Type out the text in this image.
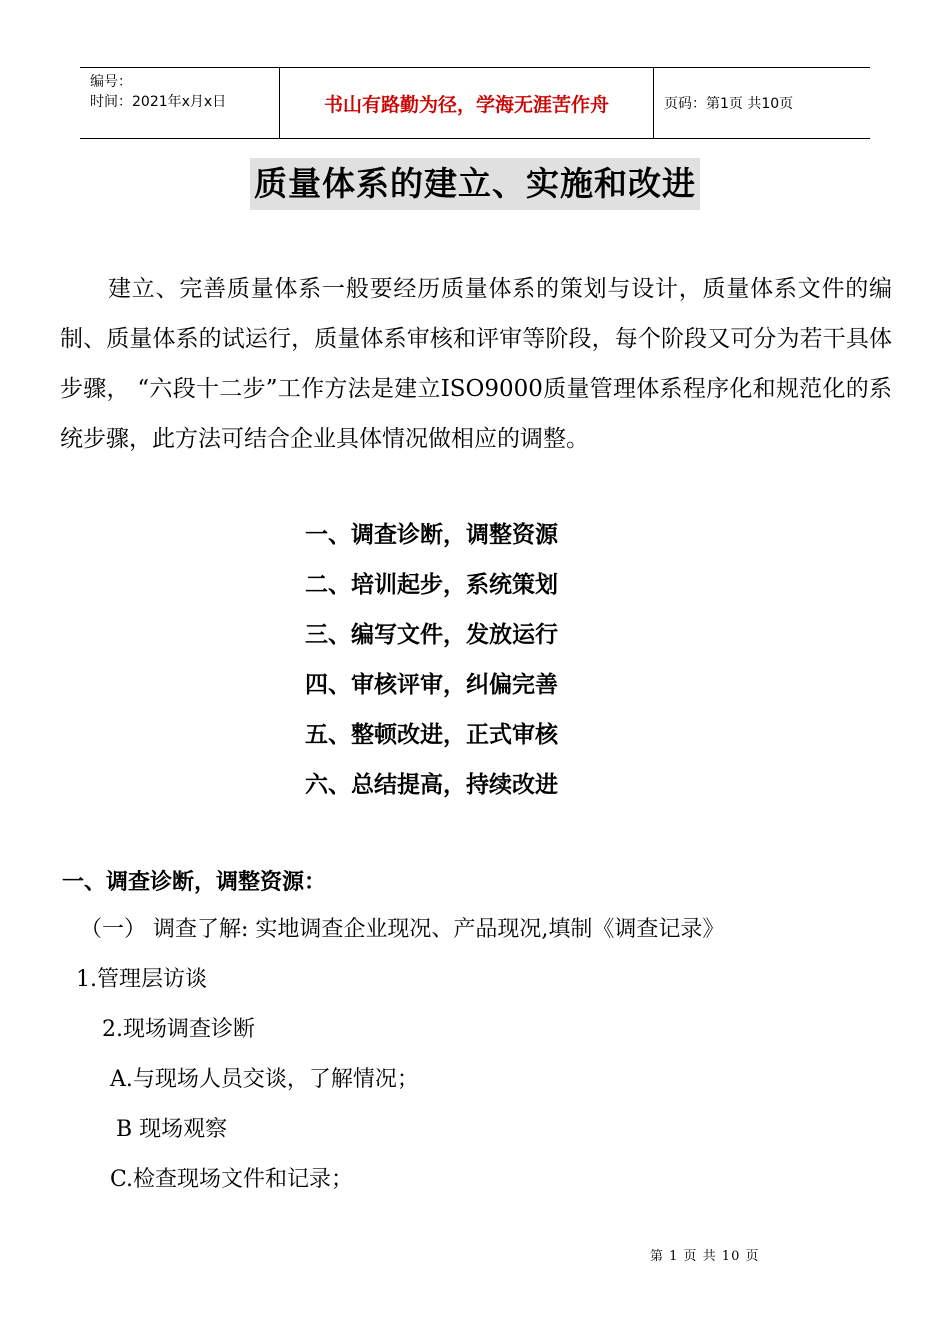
编号：
时间：2021年x月x日	书山有路勤为径，学海无涯苦作舟	页码：第1页 共10页
质量体系的建立、实施和改进

建立、完善质量体系一般要经历质量体系的策划与设计，质量体系文件的编制、质量体系的试运行，质量体系审核和评审等阶段，每个阶段又可分为若干具体步骤， “六段十二步”工作方法是建立ISO9000质量管理体系程序化和规范化的系统步骤，此方法可结合企业具体情况做相应的调整。

一、调查诊断，调整资源
二、培训起步，系统策划
三、编写文件，发放运行
四、审核评审，纠偏完善
五、整顿改进，正式审核
六、总结提高，持续改进
一、调查诊断，调整资源：
（一） 调查了解: 实地调查企业现况、产品现况,填制《调查记录》
1.管理层访谈
2.现场调查诊断
A.与现场人员交谈，了解情况；
B 现场观察
C.检查现场文件和记录；
第 1 页 共 10 页
